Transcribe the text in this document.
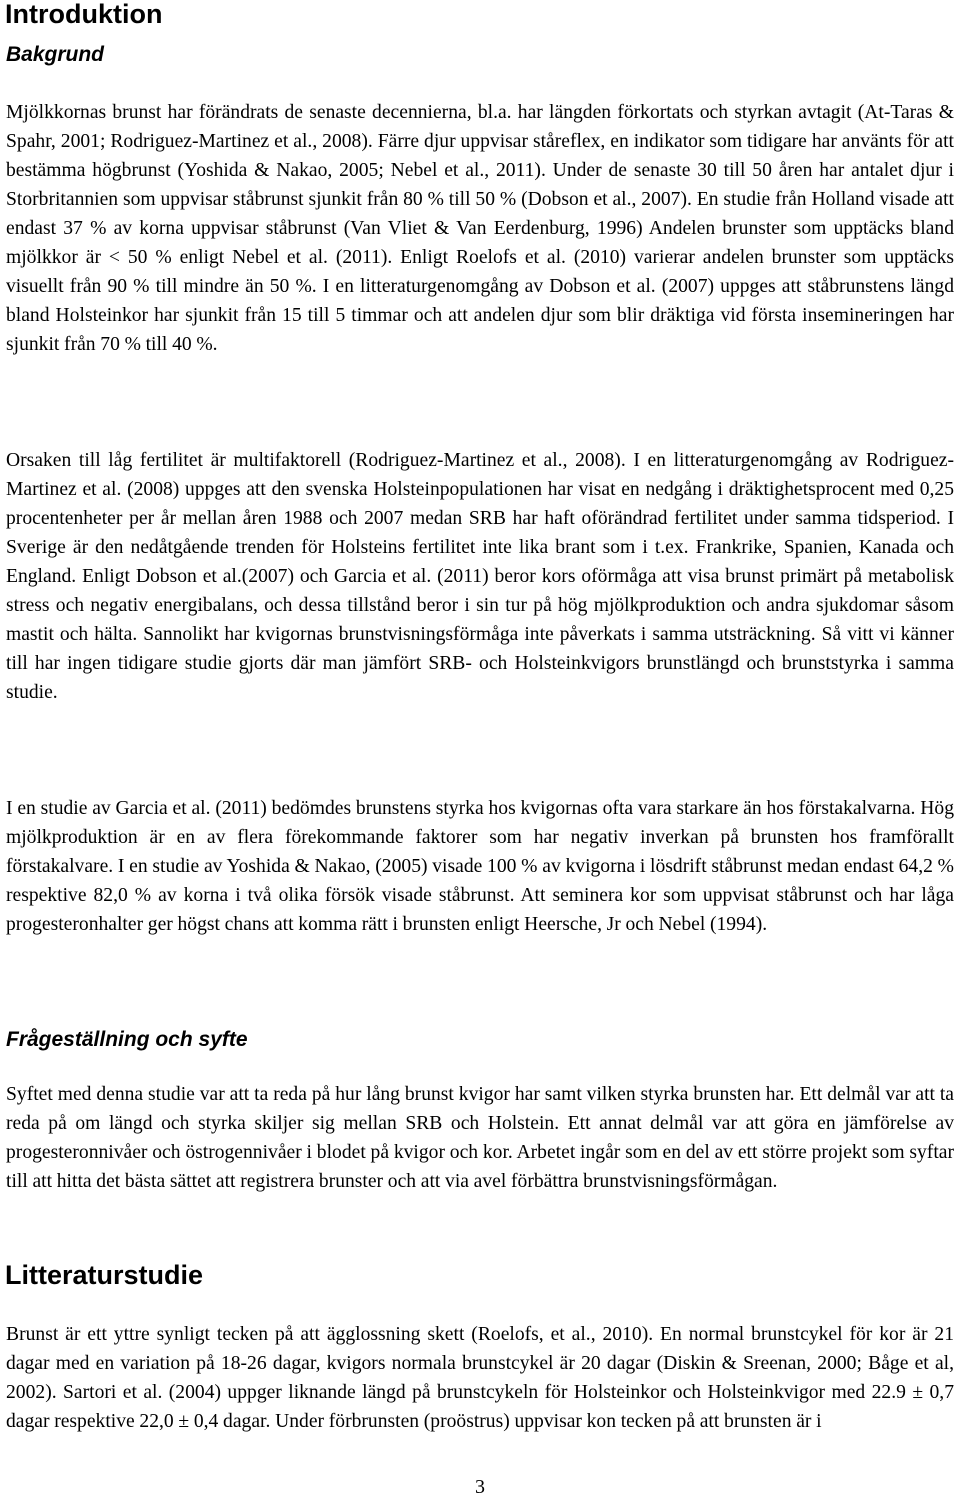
Introduktion
Bakgrund

Mjölkkornas brunst har förändrats de senaste decennierna, bl.a. har längden förkortats och styrkan avtagit (At-Taras & Spahr, 2001; Rodriguez-Martinez et al., 2008). Färre djur uppvisar ståreflex, en indikator som tidigare har använts för att bestämma högbrunst (Yoshida & Nakao, 2005; Nebel et al., 2011). Under de senaste 30 till 50 åren har antalet djur i Storbritannien som uppvisar ståbrunst sjunkit från 80 % till 50 % (Dobson et al., 2007). En studie från Holland visade att endast 37 % av korna uppvisar ståbrunst (Van Vliet & Van Eerdenburg, 1996) Andelen brunster som upptäcks bland mjölkkor är < 50 % enligt Nebel et al. (2011). Enligt Roelofs et al. (2010) varierar andelen brunster som upptäcks visuellt från 90 % till mindre än 50 %. I en litteraturgenomgång av Dobson et al. (2007) uppges att ståbrunstens längd bland Holsteinkor har sjunkit från 15 till 5 timmar och att andelen djur som blir dräktiga vid första insemineringen har sjunkit från 70 % till 40 %.

Orsaken till låg fertilitet är multifaktorell (Rodriguez-Martinez et al., 2008). I en litteraturgenomgång av Rodriguez-Martinez et al. (2008) uppges att den svenska Holsteinpopulationen har visat en nedgång i dräktighetsprocent med 0,25 procentenheter per år mellan åren 1988 och 2007 medan SRB har haft oförändrad fertilitet under samma tidsperiod. I Sverige är den nedåtgående trenden för Holsteins fertilitet inte lika brant som i t.ex. Frankrike, Spanien, Kanada och England. Enligt Dobson et al.(2007) och Garcia et al. (2011) beror kors oförmåga att visa brunst primärt på metabolisk stress och negativ energibalans, och dessa tillstånd beror i sin tur på hög mjölkproduktion och andra sjukdomar såsom mastit och hälta. Sannolikt har kvigornas brunstvisningsförmåga inte påverkats i samma utsträckning. Så vitt vi känner till har ingen tidigare studie gjorts där man jämfört SRB- och Holsteinkvigors brunstlängd och brunststyrka i samma studie.

I en studie av Garcia et al. (2011) bedömdes brunstens styrka hos kvigornas ofta vara starkare än hos förstakalvarna. Hög mjölkproduktion är en av flera förekommande faktorer som har negativ inverkan på brunsten hos framförallt förstakalvare. I en studie av Yoshida & Nakao, (2005) visade 100 % av kvigorna i lösdrift ståbrunst medan endast 64,2 % respektive 82,0 % av korna i två olika försök visade ståbrunst. Att seminera kor som uppvisat ståbrunst och har låga progesteronhalter ger högst chans att komma rätt i brunsten enligt Heersche, Jr och Nebel (1994).

Frågeställning och syfte

Syftet med denna studie var att ta reda på hur lång brunst kvigor har samt vilken styrka brunsten har. Ett delmål var att ta reda på om längd och styrka skiljer sig mellan SRB och Holstein. Ett annat delmål var att göra en jämförelse av progesteronnivåer och östrogennivåer i blodet på kvigor och kor. Arbetet ingår som en del av ett större projekt som syftar till att hitta det bästa sättet att registrera brunster och att via avel förbättra brunstvisningsförmågan.

Litteraturstudie

Brunst är ett yttre synligt tecken på att ägglossning skett (Roelofs, et al., 2010). En normal brunstcykel för kor är 21 dagar med en variation på 18-26 dagar, kvigors normala brunstcykel är 20 dagar (Diskin & Sreenan, 2000; Båge et al, 2002). Sartori et al. (2004) uppger liknande längd på brunstcykeln för Holsteinkor och Holsteinkvigor med 22.9 ± 0,7 dagar respektive 22,0 ± 0,4 dagar. Under förbrunsten (proöstrus) uppvisar kon tecken på att brunsten är i

3
